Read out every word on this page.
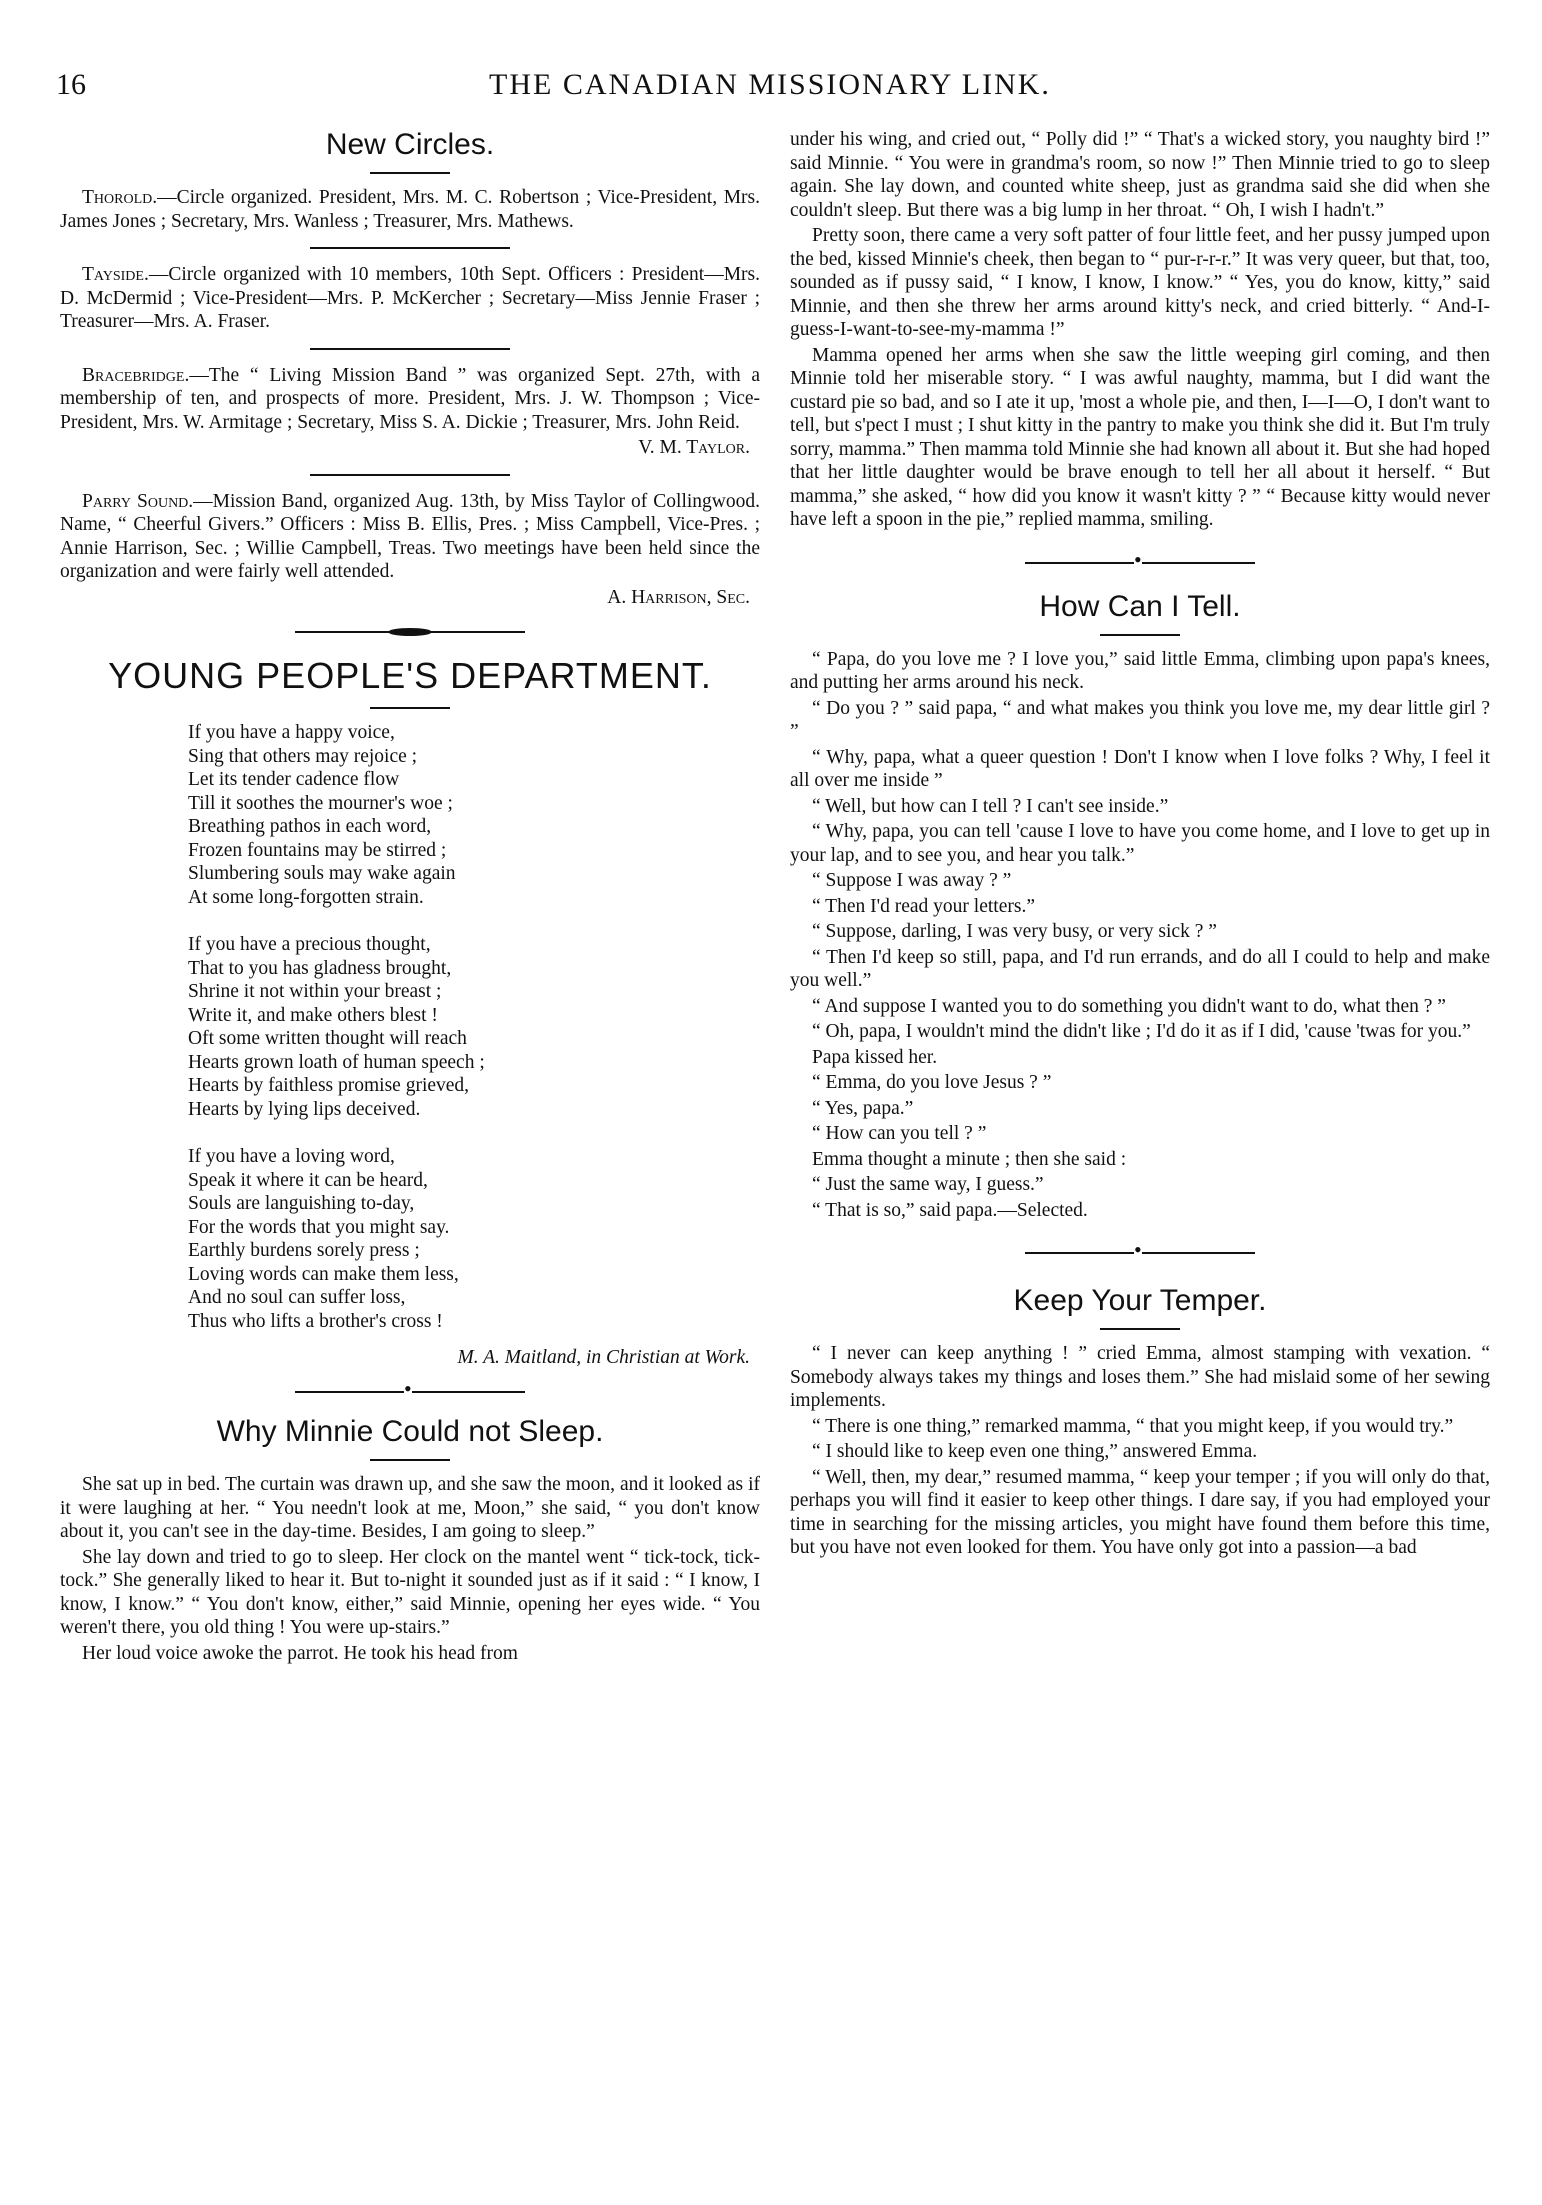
16	THE CANADIAN MISSIONARY LINK.
New Circles.

Thorold.—Circle organized. President, Mrs. M. C. Robertson ; Vice-President, Mrs. James Jones ; Secretary, Mrs. Wanless ; Treasurer, Mrs. Mathews.

Tayside.—Circle organized with 10 members, 10th Sept. Officers : President—Mrs. D. McDermid ; Vice-President—Mrs. P. McKercher ; Secretary—Miss Jennie Fraser ; Treasurer—Mrs. A. Fraser.

Bracebridge.—The “ Living Mission Band ” was organized Sept. 27th, with a membership of ten, and prospects of more. President, Mrs. J. W. Thompson ; Vice-President, Mrs. W. Armitage ; Secretary, Miss S. A. Dickie ; Treasurer, Mrs. John Reid.

V. M. Taylor.

Parry Sound.—Mission Band, organized Aug. 13th, by Miss Taylor of Collingwood. Name, “ Cheerful Givers.” Officers : Miss B. Ellis, Pres. ; Miss Campbell, Vice-Pres. ; Annie Harrison, Sec. ; Willie Campbell, Treas. Two meetings have been held since the organization and were fairly well attended.

A. Harrison, Sec.
YOUNG PEOPLE'S DEPARTMENT.
If you have a happy voice,
Sing that others may rejoice ;
Let its tender cadence flow
Till it soothes the mourner's woe ;
Breathing pathos in each word,
Frozen fountains may be stirred ;
Slumbering souls may wake again
At some long-forgotten strain.
If you have a precious thought,
That to you has gladness brought,
Shrine it not within your breast ;
Write it, and make others blest !
Oft some written thought will reach
Hearts grown loath of human speech ;
Hearts by faithless promise grieved,
Hearts by lying lips deceived.
If you have a loving word,
Speak it where it can be heard,
Souls are languishing to-day,
For the words that you might say.
Earthly burdens sorely press ;
Loving words can make them less,
And no soul can suffer loss,
Thus who lifts a brother's cross !
M. A. Maitland, in Christian at Work.
•
Why Minnie Could not Sleep.

She sat up in bed. The curtain was drawn up, and she saw the moon, and it looked as if it were laughing at her. “ You needn't look at me, Moon,” she said, “ you don't know about it, you can't see in the day-time. Besides, I am going to sleep.”

She lay down and tried to go to sleep. Her clock on the mantel went “ tick-tock, tick-tock.” She generally liked to hear it. But to-night it sounded just as if it said : “ I know, I know, I know.” “ You don't know, either,” said Minnie, opening her eyes wide. “ You weren't there, you old thing ! You were up-stairs.”

Her loud voice awoke the parrot. He took his head from

under his wing, and cried out, “ Polly did !” “ That's a wicked story, you naughty bird !” said Minnie. “ You were in grandma's room, so now !” Then Minnie tried to go to sleep again. She lay down, and counted white sheep, just as grandma said she did when she couldn't sleep. But there was a big lump in her throat. “ Oh, I wish I hadn't.”

Pretty soon, there came a very soft patter of four little feet, and her pussy jumped upon the bed, kissed Minnie's cheek, then began to “ pur-r-r-r.” It was very queer, but that, too, sounded as if pussy said, “ I know, I know, I know.” “ Yes, you do know, kitty,” said Minnie, and then she threw her arms around kitty's neck, and cried bitterly. “ And-I-guess-I-want-to-see-my-mamma !”

Mamma opened her arms when she saw the little weeping girl coming, and then Minnie told her miserable story. “ I was awful naughty, mamma, but I did want the custard pie so bad, and so I ate it up, 'most a whole pie, and then, I—I—O, I don't want to tell, but s'pect I must ; I shut kitty in the pantry to make you think she did it. But I'm truly sorry, mamma.” Then mamma told Minnie she had known all about it. But she had hoped that her little daughter would be brave enough to tell her all about it herself. “ But mamma,” she asked, “ how did you know it wasn't kitty ? ” “ Because kitty would never have left a spoon in the pie,” replied mamma, smiling.

•
How Can I Tell.

“ Papa, do you love me ? I love you,” said little Emma, climbing upon papa's knees, and putting her arms around his neck.

“ Do you ? ” said papa, “ and what makes you think you love me, my dear little girl ? ”

“ Why, papa, what a queer question ! Don't I know when I love folks ? Why, I feel it all over me inside ”

“ Well, but how can I tell ? I can't see inside.”

“ Why, papa, you can tell 'cause I love to have you come home, and I love to get up in your lap, and to see you, and hear you talk.”

“ Suppose I was away ? ”

“ Then I'd read your letters.”

“ Suppose, darling, I was very busy, or very sick ? ”

“ Then I'd keep so still, papa, and I'd run errands, and do all I could to help and make you well.”

“ And suppose I wanted you to do something you didn't want to do, what then ? ”

“ Oh, papa, I wouldn't mind the didn't like ; I'd do it as if I did, 'cause 'twas for you.”

Papa kissed her.

“ Emma, do you love Jesus ? ”

“ Yes, papa.”

“ How can you tell ? ”

Emma thought a minute ; then she said :

“ Just the same way, I guess.”

“ That is so,” said papa.—Selected.

•
Keep Your Temper.

“ I never can keep anything ! ” cried Emma, almost stamping with vexation. “ Somebody always takes my things and loses them.” She had mislaid some of her sewing implements.

“ There is one thing,” remarked mamma, “ that you might keep, if you would try.”

“ I should like to keep even one thing,” answered Emma.

“ Well, then, my dear,” resumed mamma, “ keep your temper ; if you will only do that, perhaps you will find it easier to keep other things. I dare say, if you had employed your time in searching for the missing articles, you might have found them before this time, but you have not even looked for them. You have only got into a passion—a bad
